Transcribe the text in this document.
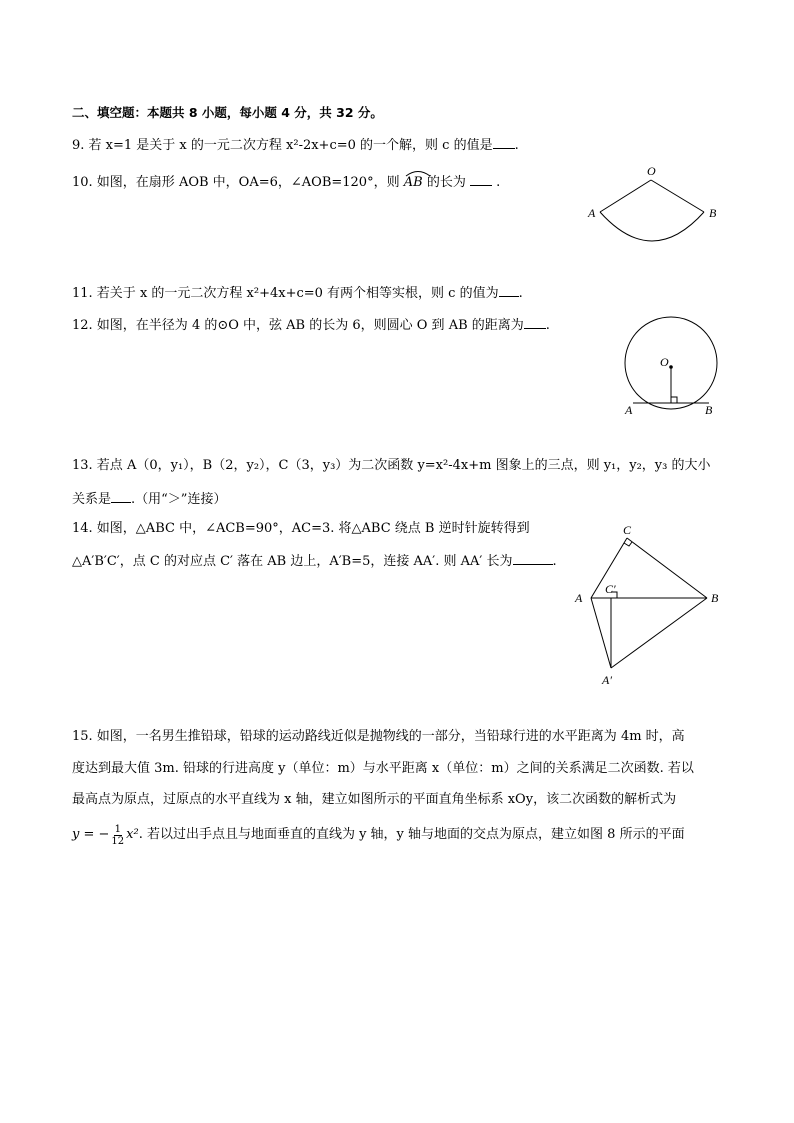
二、填空题：本题共 8 小题，每小题 4 分，共 32 分。
9. 若 x=1 是关于 x 的一元二次方程 x²-2x+c=0 的一个解，则 c 的值是 .
10. 如图，在扇形 AOB 中，OA=6，∠AOB=120°，则 AB 的长为 .
O
A	B
11. 若关于 x 的一元二次方程 x²+4x+c=0 有两个相等实根，则 c 的值为 .
12. 如图，在半径为 4 的⊙O 中，弦 AB 的长为 6，则圆心 O 到 AB 的距离为 .
O
A	B
13. 若点 A（0，y₁），B（2，y₂），C（3，y₃）为二次函数 y=x²-4x+m 图象上的三点，则 y₁，y₂，y₃ 的大小
关系是 .（用“＞”连接）
14. 如图，△ABC 中，∠ACB=90°，AC=3. 将△ABC 绕点 B 逆时针旋转得到
△A′B′C′，点 C 的对应点 C′ 落在 AB 边上，A′B=5，连接 AA′. 则 AA′ 长为	.
C
C′
A	B
A′
15. 如图，一名男生推铅球，铅球的运动路线近似是抛物线的一部分，当铅球行进的水平距离为 4m 时，高
度达到最大值 3m. 铅球的行进高度 y（单位：m）与水平距离 x（单位：m）之间的关系满足二次函数. 若以
最高点为原点，过原点的水平直线为 x 轴，建立如图所示的平面直角坐标系 xOy，该二次函数的解析式为
y = − $\frac{1}{12} x^2$ . 若以过出手点且与地面垂直的直线为 y 轴，y 轴与地面的交点为原点，建立如图 8 所示的平面
